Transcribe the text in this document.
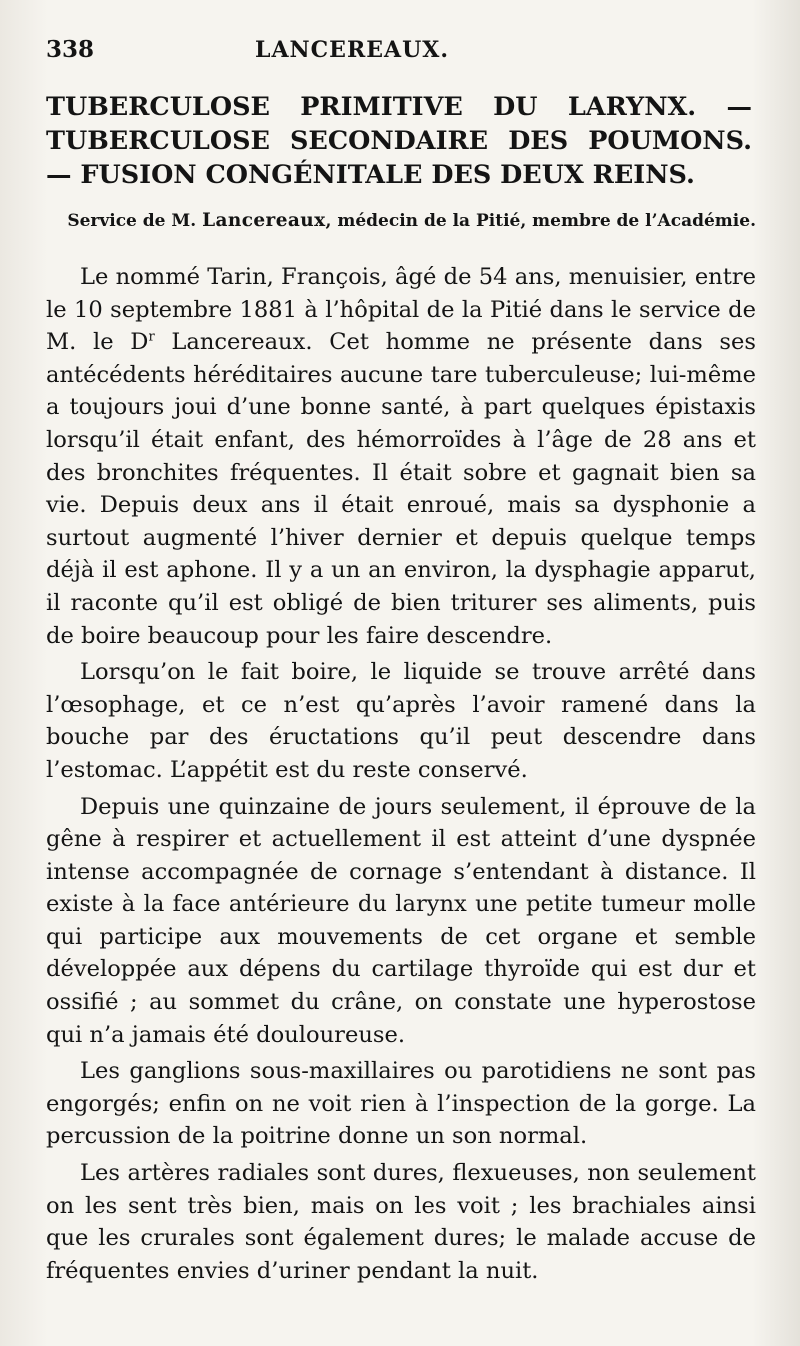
338	LANCEREAUX.
TUBERCULOSE PRIMITIVE DU LARYNX. — TUBERCULOSE SECONDAIRE DES POUMONS. — FUSION CONGÉNITALE DES DEUX REINS.
Service de M. Lancereaux, médecin de la Pitié, membre de l’Académie.

Le nommé Tarin, François, âgé de 54 ans, menuisier, entre le 10 septembre 1881 à l’hôpital de la Pitié dans le service de M. le $D^r$ Lancereaux. Cet homme ne présente dans ses antécédents héréditaires aucune tare tuberculeuse; lui-même a toujours joui d’une bonne santé, à part quelques épistaxis lorsqu’il était enfant, des hémorroïdes à l’âge de 28 ans et des bronchites fréquentes. Il était sobre et gagnait bien sa vie. Depuis deux ans il était enroué, mais sa dysphonie a surtout augmenté l’hiver dernier et depuis quelque temps déjà il est aphone. Il y a un an environ, la dysphagie apparut, il raconte qu’il est obligé de bien triturer ses aliments, puis de boire beaucoup pour les faire descendre.

Lorsqu’on le fait boire, le liquide se trouve arrêté dans l’œsophage, et ce n’est qu’après l’avoir ramené dans la bouche par des éructations qu’il peut descendre dans l’estomac. L’appétit est du reste conservé.

Depuis une quinzaine de jours seulement, il éprouve de la gêne à respirer et actuellement il est atteint d’une dyspnée intense accompagnée de cornage s’entendant à distance. Il existe à la face antérieure du larynx une petite tumeur molle qui participe aux mouvements de cet organe et semble développée aux dépens du cartilage thyroïde qui est dur et ossifié ; au sommet du crâne, on constate une hyperostose qui n’a jamais été douloureuse.

Les ganglions sous-maxillaires ou parotidiens ne sont pas engorgés; enfin on ne voit rien à l’inspection de la gorge. La percussion de la poitrine donne un son normal.

Les artères radiales sont dures, flexueuses, non seulement on les sent très bien, mais on les voit ; les brachiales ainsi que les crurales sont également dures; le malade accuse de fréquentes envies d’uriner pendant la nuit.
